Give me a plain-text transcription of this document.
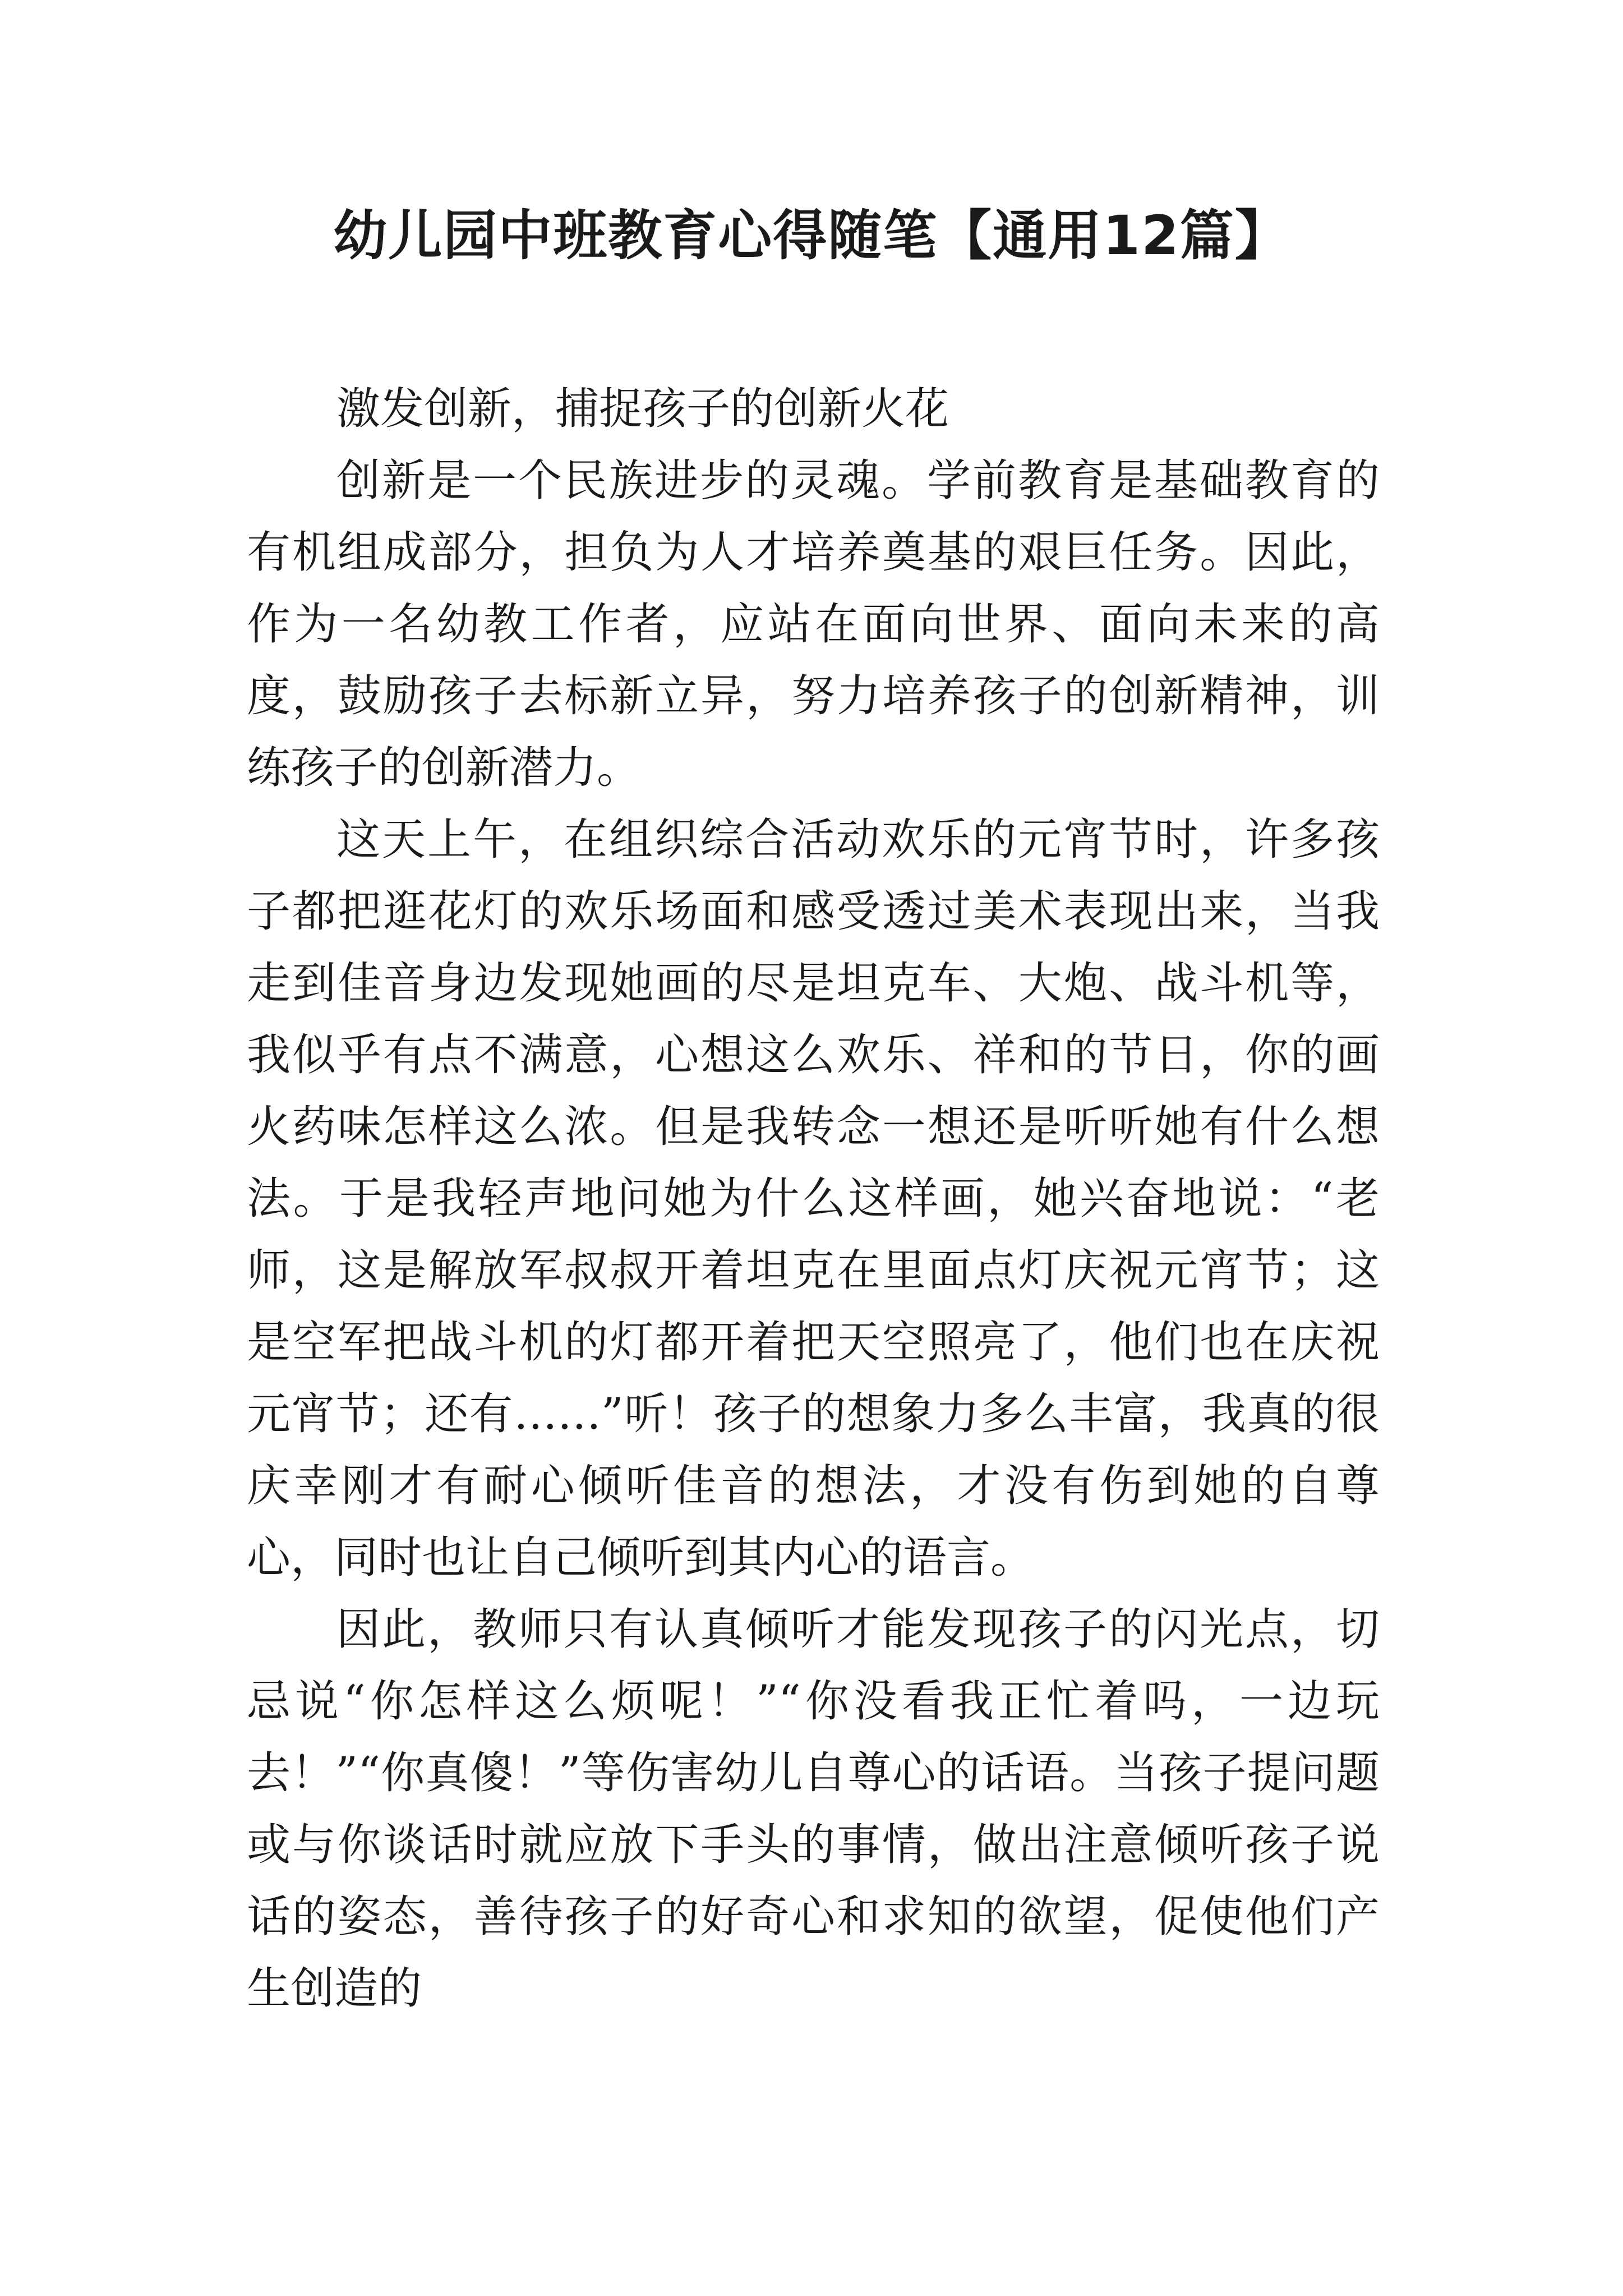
幼儿园中班教育心得随笔【通用12篇】

激发创新，捕捉孩子的创新火花

创新是一个民族进步的灵魂。学前教育是基础教育的有机组成部分，担负为人才培养奠基的艰巨任务。因此，作为一名幼教工作者，应站在面向世界、面向未来的高度，鼓励孩子去标新立异，努力培养孩子的创新精神，训练孩子的创新潜力。

这天上午，在组织综合活动欢乐的元宵节时，许多孩子都把逛花灯的欢乐场面和感受透过美术表现出来，当我走到佳音身边发现她画的尽是坦克车、大炮、战斗机等，我似乎有点不满意，心想这么欢乐、祥和的节日，你的画火药味怎样这么浓。但是我转念一想还是听听她有什么想法。于是我轻声地问她为什么这样画，她兴奋地说：“老师，这是解放军叔叔开着坦克在里面点灯庆祝元宵节；这是空军把战斗机的灯都开着把天空照亮了，他们也在庆祝元宵节；还有……”听！孩子的想象力多么丰富，我真的很庆幸刚才有耐心倾听佳音的想法，才没有伤到她的自尊心，同时也让自己倾听到其内心的语言。

因此，教师只有认真倾听才能发现孩子的闪光点，切忌说“你怎样这么烦呢！”“你没看我正忙着吗，一边玩去！”“你真傻！”等伤害幼儿自尊心的话语。当孩子提问题或与你谈话时就应放下手头的事情，做出注意倾听孩子说话的姿态，善待孩子的好奇心和求知的欲望，促使他们产生创造的
